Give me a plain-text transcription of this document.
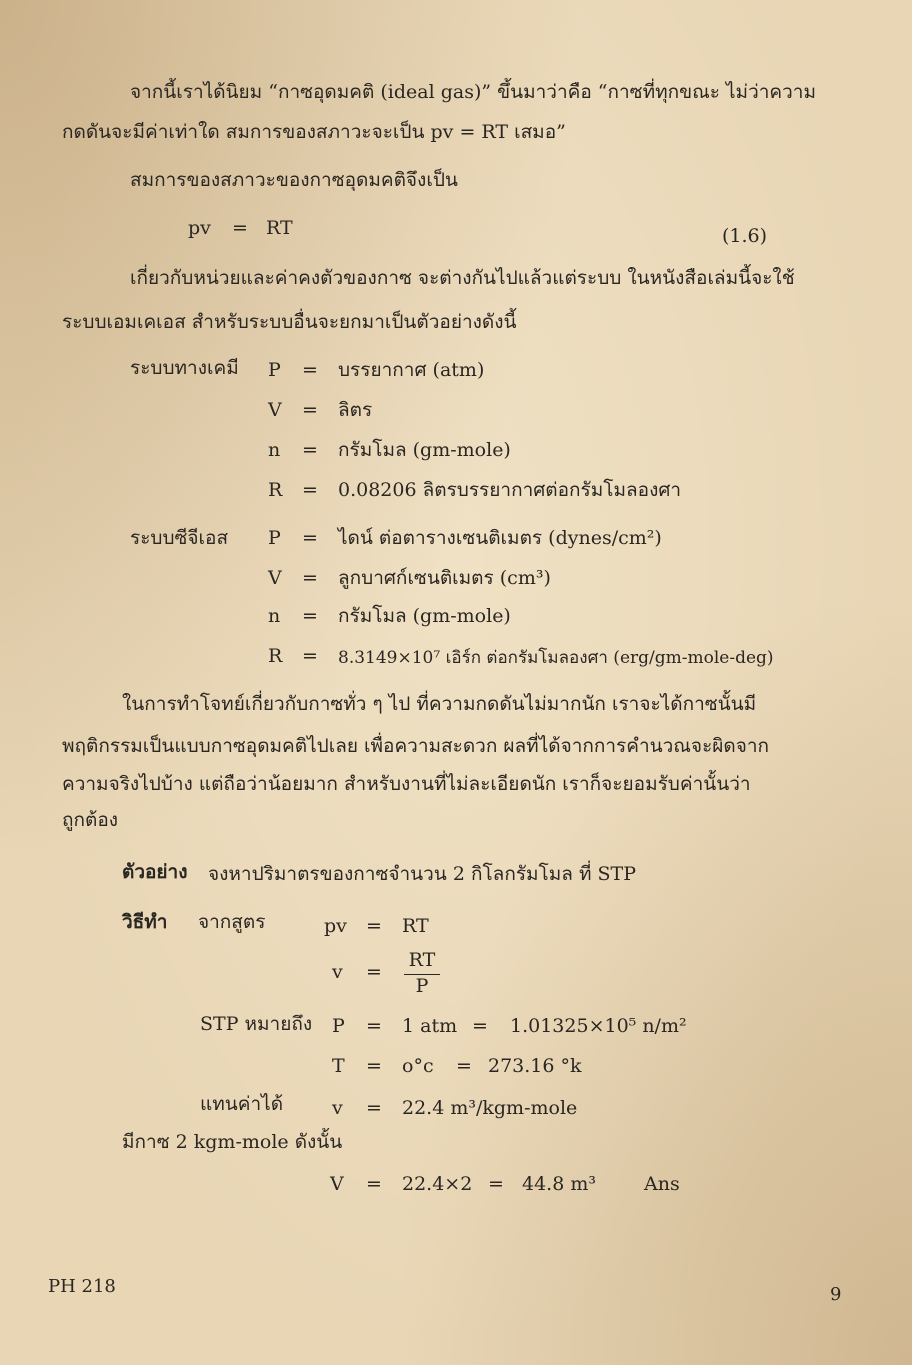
จากนี้เราได้นิยม “กาซอุดมคติ (ideal gas)” ขึ้นมาว่าคือ “กาซที่ทุกขณะ ไม่ว่าความ
กดดันจะมีค่าเท่าใด สมการของสภาวะจะเป็น pv = RT เสมอ”
สมการของสภาวะของกาซอุดมคติจึงเป็น
pv = RT	(1.6)
เกี่ยวกับหน่วยและค่าคงตัวของกาซ จะต่างกันไปแล้วแต่ระบบ ในหนังสือเล่มนี้จะใช้
ระบบเอมเคเอส สำหรับระบบอื่นจะยกมาเป็นตัวอย่างดังนี้
ระบบทางเคมี P = บรรยากาศ (atm)
V = ลิตร
n = กรัมโมล (gm-mole)
R = 0.08206 ลิตรบรรยากาศต่อกรัมโมลองศา
ระบบซีจีเอส P = ไดน์ ต่อตารางเซนติเมตร (dynes/cm²)
V = ลูกบาศก์เซนติเมตร (cm³)
n = กรัมโมล (gm-mole)
R = 8.3149×10⁷ เอิร์ก ต่อกรัมโมลองศา (erg/gm-mole-deg)
ในการทำโจทย์เกี่ยวกับกาซทั่ว ๆ ไป ที่ความกดดันไม่มากนัก เราจะได้กาซนั้นมี
พฤติกรรมเป็นแบบกาซอุดมคติไปเลย เพื่อความสะดวก ผลที่ได้จากการคำนวณจะผิดจาก
ความจริงไปบ้าง แต่ถือว่าน้อยมาก สำหรับงานที่ไม่ละเอียดนัก เราก็จะยอมรับค่านั้นว่า
ถูกต้อง
ตัวอย่าง จงหาปริมาตรของกาซจำนวน 2 กิโลกรัมโมล ที่ STP
วิธีทำ จากสูตร	pv = RT
v =
RT
P
STP หมายถึง P = 1 atm = 1.01325×10⁵ n/m²
T = o°c = 273.16 °k
แทนค่าได้	v = 22.4 m³/kgm-mole
มีกาซ 2 kgm-mole ดังนั้น
V = 22.4×2 = 44.8 m³	Ans
PH 218	9
